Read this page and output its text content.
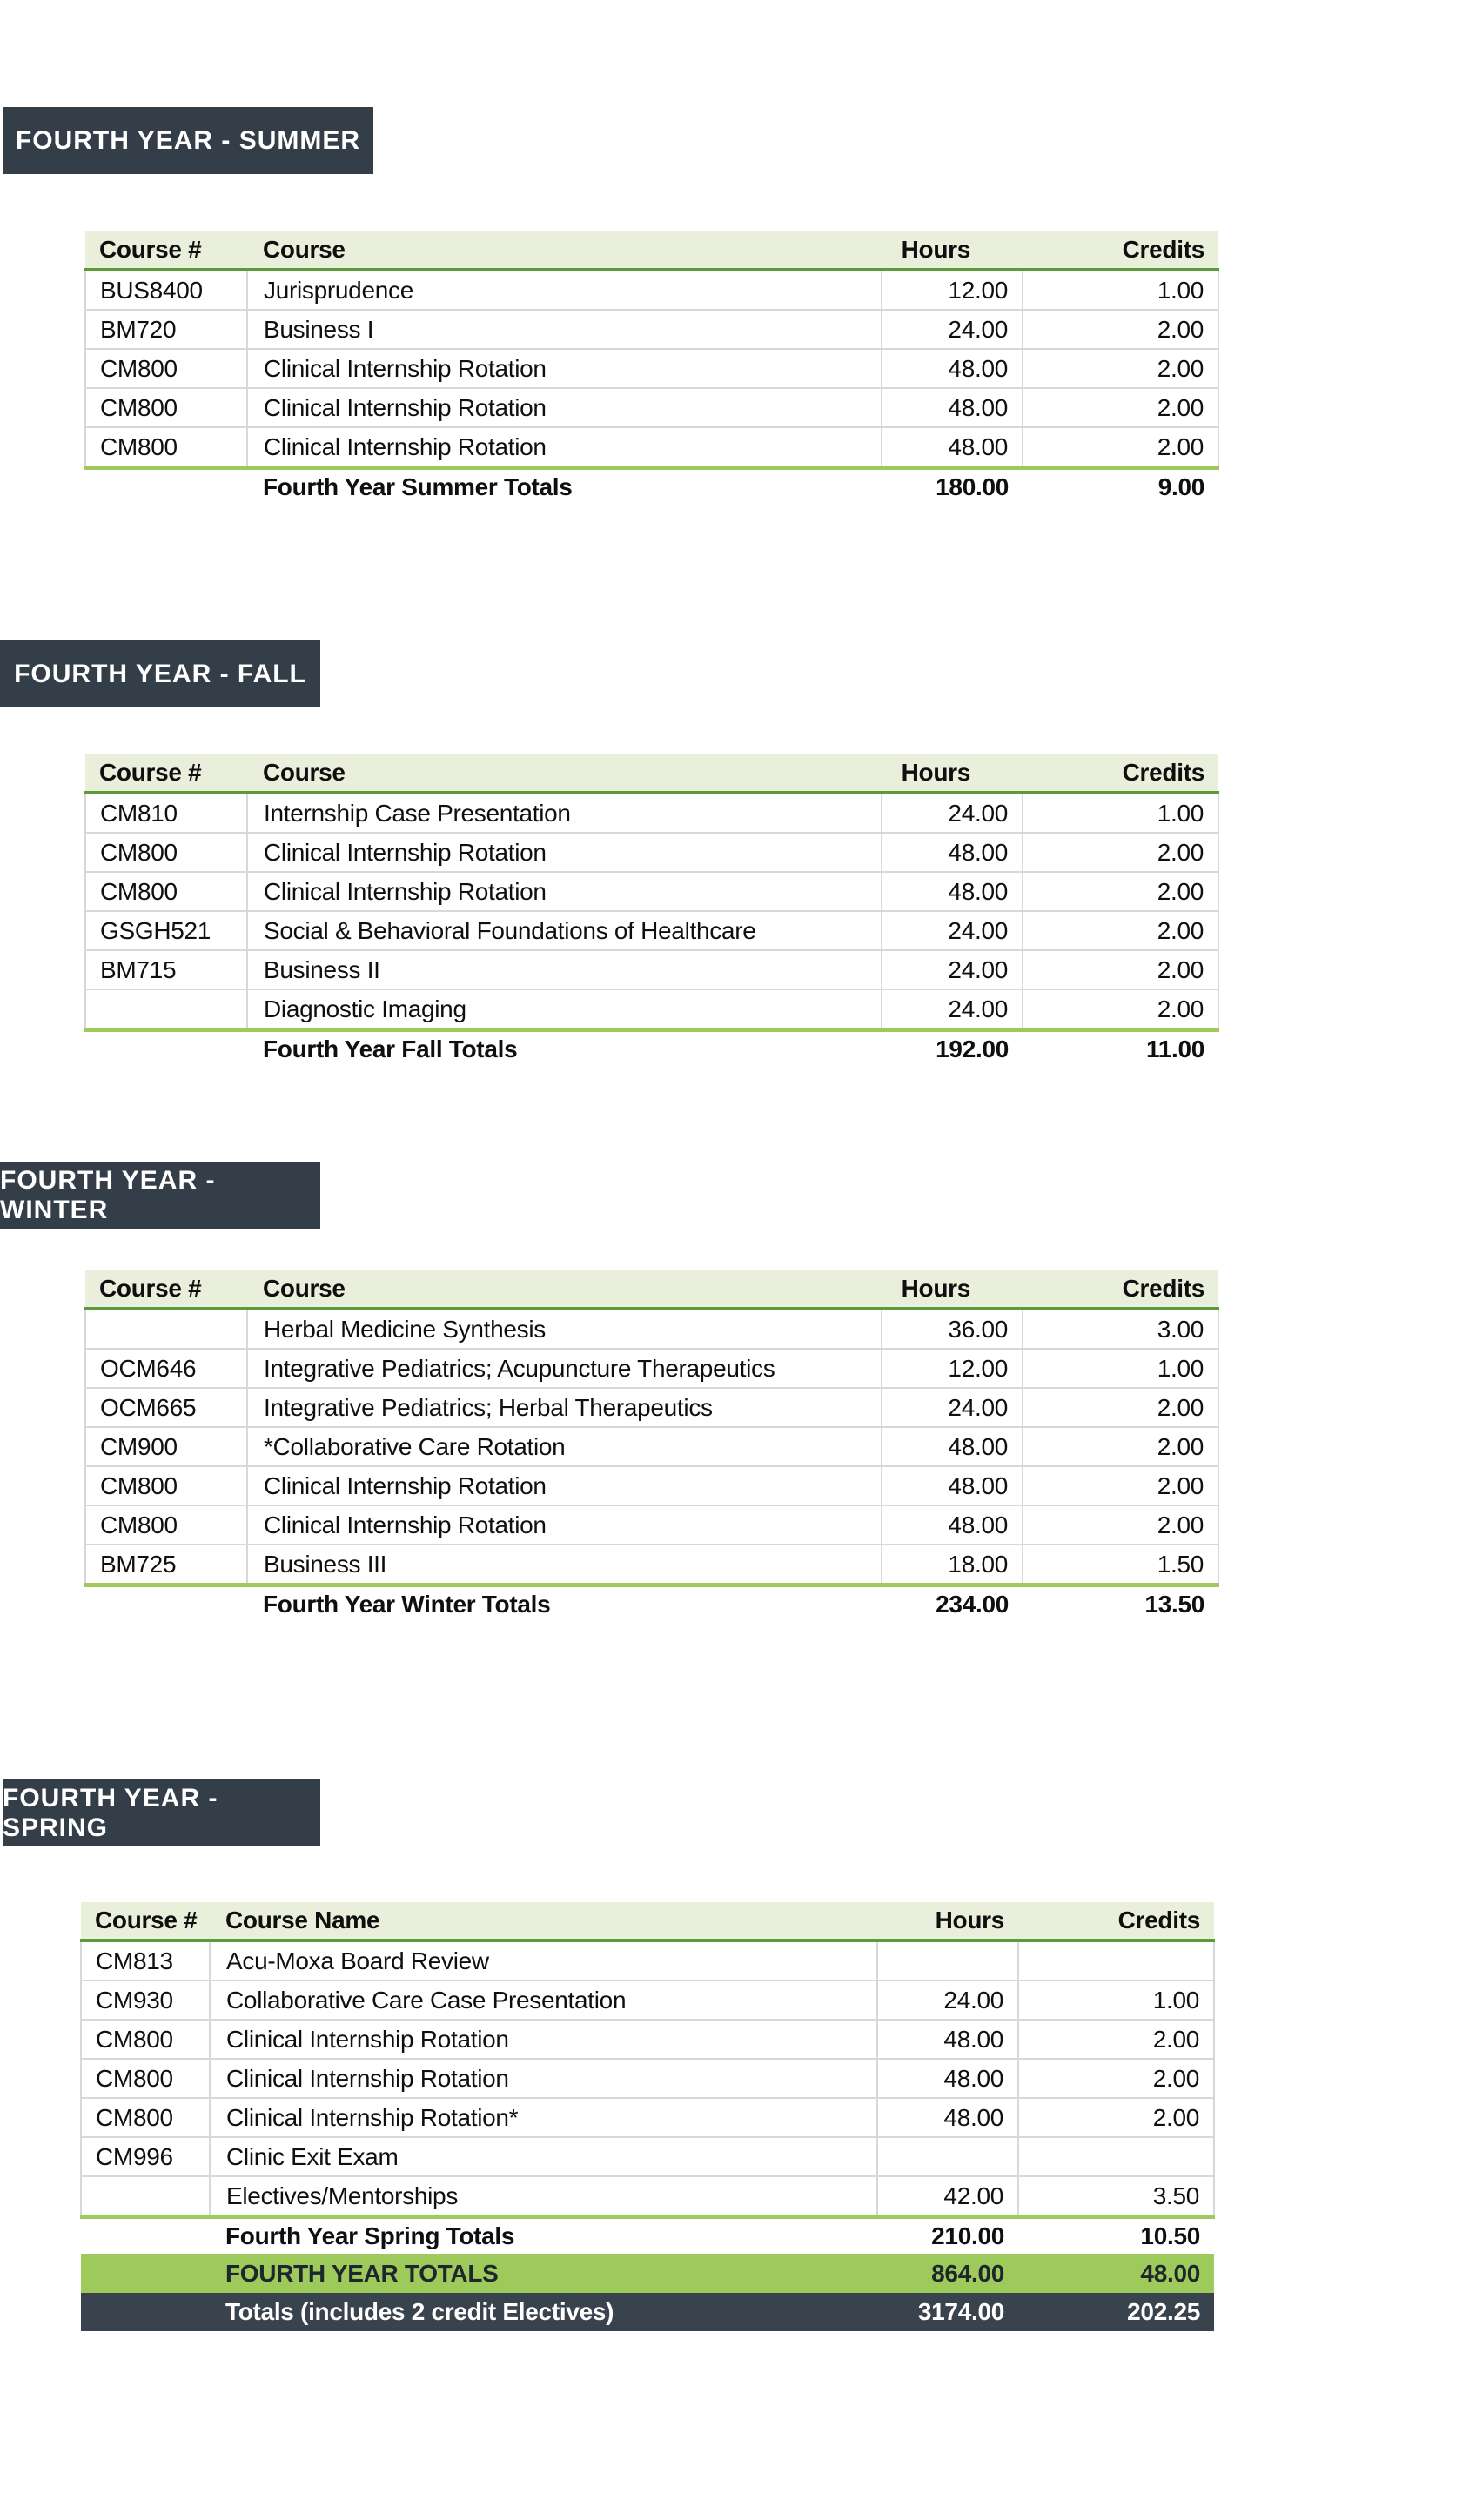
FOURTH YEAR - SUMMER
Course #	Course	Hours	Credits
BUS8400	Jurisprudence	12.00	1.00
BM720	Business I	24.00	2.00
CM800	Clinical Internship Rotation	48.00	2.00
CM800	Clinical Internship Rotation	48.00	2.00
CM800	Clinical Internship Rotation	48.00	2.00
	Fourth Year Summer Totals	180.00	9.00
FOURTH YEAR - FALL
Course #	Course	Hours	Credits
CM810	Internship Case Presentation	24.00	1.00
CM800	Clinical Internship Rotation	48.00	2.00
CM800	Clinical Internship Rotation	48.00	2.00
GSGH521	Social & Behavioral Foundations of Healthcare	24.00	2.00
BM715	Business II	24.00	2.00
	Diagnostic Imaging	24.00	2.00
	Fourth Year Fall Totals	192.00	11.00
FOURTH YEAR - WINTER
Course #	Course	Hours	Credits
	Herbal Medicine Synthesis	36.00	3.00
OCM646	Integrative Pediatrics; Acupuncture Therapeutics	12.00	1.00
OCM665	Integrative Pediatrics; Herbal Therapeutics	24.00	2.00
CM900	*Collaborative Care Rotation	48.00	2.00
CM800	Clinical Internship Rotation	48.00	2.00
CM800	Clinical Internship Rotation	48.00	2.00
BM725	Business III	18.00	1.50
	Fourth Year Winter Totals	234.00	13.50
FOURTH YEAR - SPRING
Course #	Course Name	Hours	Credits
CM813	Acu-Moxa Board Review		
CM930	Collaborative Care Case Presentation	24.00	1.00
CM800	Clinical Internship Rotation	48.00	2.00
CM800	Clinical Internship Rotation	48.00	2.00
CM800	Clinical Internship Rotation*	48.00	2.00
CM996	Clinic Exit Exam		
	Electives/Mentorships	42.00	3.50
	Fourth Year Spring Totals	210.00	10.50
	FOURTH YEAR TOTALS	864.00	48.00
	Totals (includes 2 credit Electives)	3174.00	202.25
